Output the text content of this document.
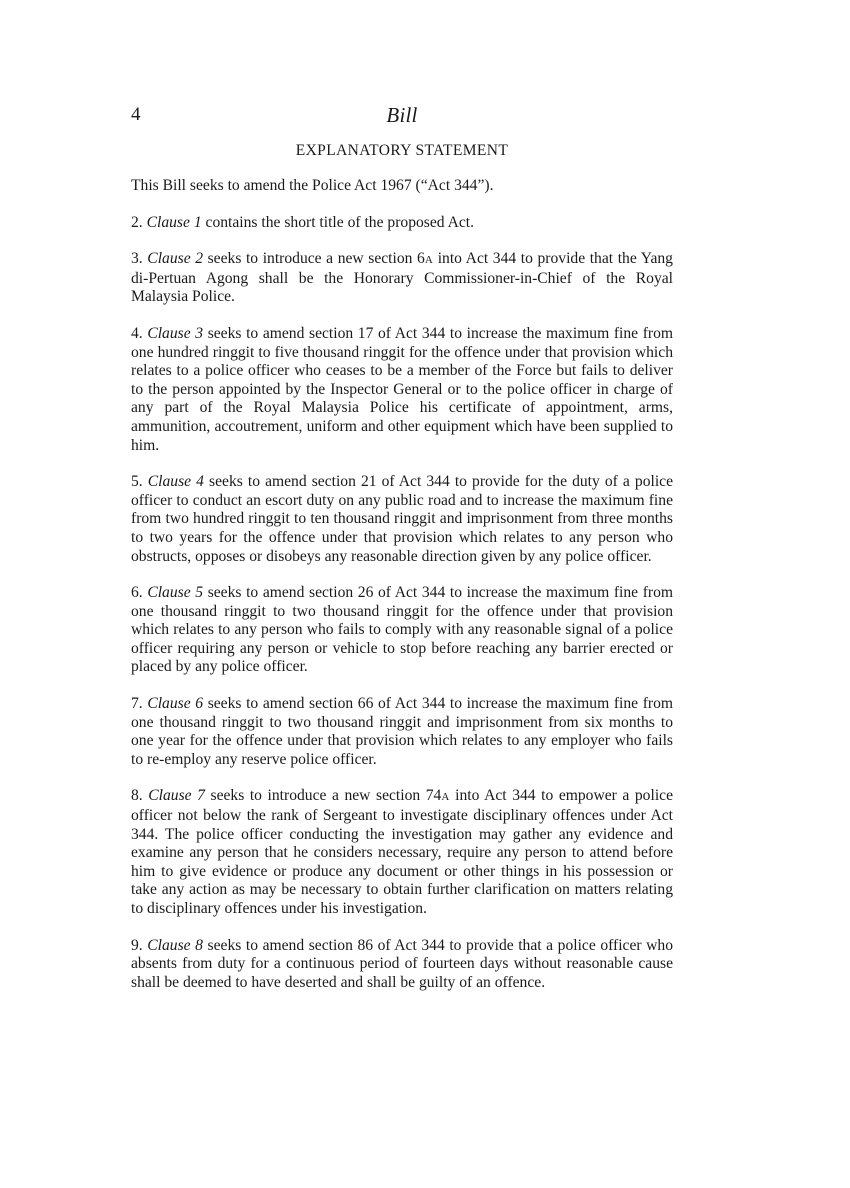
4	Bill
EXPLANATORY STATEMENT

This Bill seeks to amend the Police Act 1967 (“Act 344”).

2. Clause 1 contains the short title of the proposed Act.

3. Clause 2 seeks to introduce a new section 6A into Act 344 to provide that the Yang di-Pertuan Agong shall be the Honorary Commissioner-in-Chief of the Royal Malaysia Police.

4. Clause 3 seeks to amend section 17 of Act 344 to increase the maximum fine from one hundred ringgit to five thousand ringgit for the offence under that provision which relates to a police officer who ceases to be a member of the Force but fails to deliver to the person appointed by the Inspector General or to the police officer in charge of any part of the Royal Malaysia Police his certificate of appointment, arms, ammunition, accoutrement, uniform and other equipment which have been supplied to him.

5. Clause 4 seeks to amend section 21 of Act 344 to provide for the duty of a police officer to conduct an escort duty on any public road and to increase the maximum fine from two hundred ringgit to ten thousand ringgit and imprisonment from three months to two years for the offence under that provision which relates to any person who obstructs, opposes or disobeys any reasonable direction given by any police officer.

6. Clause 5 seeks to amend section 26 of Act 344 to increase the maximum fine from one thousand ringgit to two thousand ringgit for the offence under that provision which relates to any person who fails to comply with any reasonable signal of a police officer requiring any person or vehicle to stop before reaching any barrier erected or placed by any police officer.

7. Clause 6 seeks to amend section 66 of Act 344 to increase the maximum fine from one thousand ringgit to two thousand ringgit and imprisonment from six months to one year for the offence under that provision which relates to any employer who fails to re-employ any reserve police officer.

8. Clause 7 seeks to introduce a new section 74A into Act 344 to empower a police officer not below the rank of Sergeant to investigate disciplinary offences under Act 344. The police officer conducting the investigation may gather any evidence and examine any person that he considers necessary, require any person to attend before him to give evidence or produce any document or other things in his possession or take any action as may be necessary to obtain further clarification on matters relating to disciplinary offences under his investigation.

9. Clause 8 seeks to amend section 86 of Act 344 to provide that a police officer who absents from duty for a continuous period of fourteen days without reasonable cause shall be deemed to have deserted and shall be guilty of an offence.
